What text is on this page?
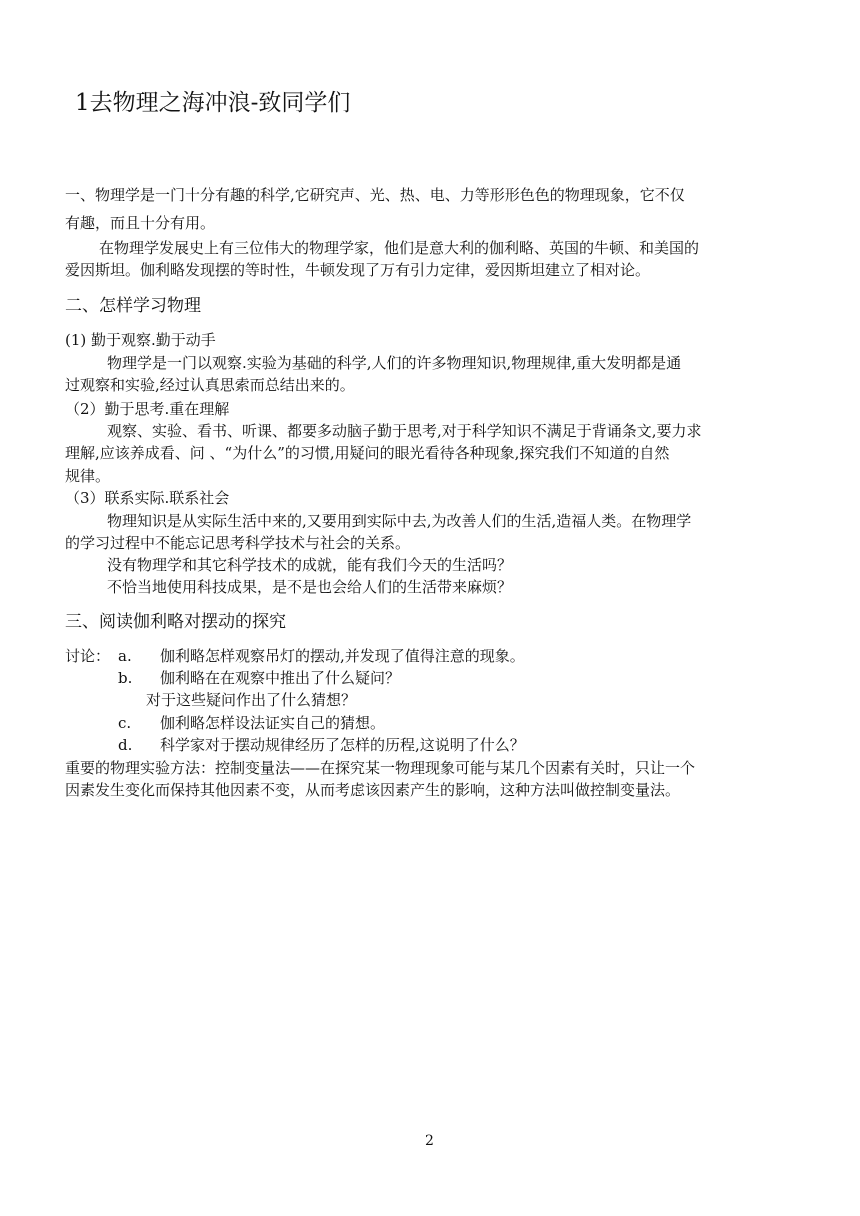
1去物理之海冲浪-致同学们
一、物理学是一门十分有趣的科学,它研究声、光、热、电、力等形形色色的物理现象，它不仅
有趣，而且十分有用。
在物理学发展史上有三位伟大的物理学家，他们是意大利的伽利略、英国的牛顿、和美国的
爱因斯坦。伽利略发现摆的等时性，牛顿发现了万有引力定律，爱因斯坦建立了相对论。
二、怎样学习物理
(1) 勤于观察.勤于动手
物理学是一门以观察.实验为基础的科学,人们的许多物理知识,物理规律,重大发明都是通
过观察和实验,经过认真思索而总结出来的。
（2）勤于思考.重在理解
观察、实验、看书、听课、都要多动脑子勤于思考,对于科学知识不满足于背诵条文,要力求
理解,应该养成看、问 、“为什么”的习惯,用疑问的眼光看待各种现象,探究我们不知道的自然
规律。
（3）联系实际.联系社会
物理知识是从实际生活中来的,又要用到实际中去,为改善人们的生活,造福人类。在物理学
的学习过程中不能忘记思考科学技术与社会的关系。
没有物理学和其它科学技术的成就，能有我们今天的生活吗？
不恰当地使用科技成果，是不是也会给人们的生活带来麻烦？
三、阅读伽利略对摆动的探究
讨论： a. 伽利略怎样观察吊灯的摆动,并发现了值得注意的现象。
b. 伽利略在在观察中推出了什么疑问？
对于这些疑问作出了什么猜想？
c. 伽利略怎样设法证实自己的猜想。
d. 科学家对于摆动规律经历了怎样的历程,这说明了什么？
重要的物理实验方法：控制变量法——在探究某一物理现象可能与某几个因素有关时，只让一个
因素发生变化而保持其他因素不变，从而考虑该因素产生的影响，这种方法叫做控制变量法。
2
